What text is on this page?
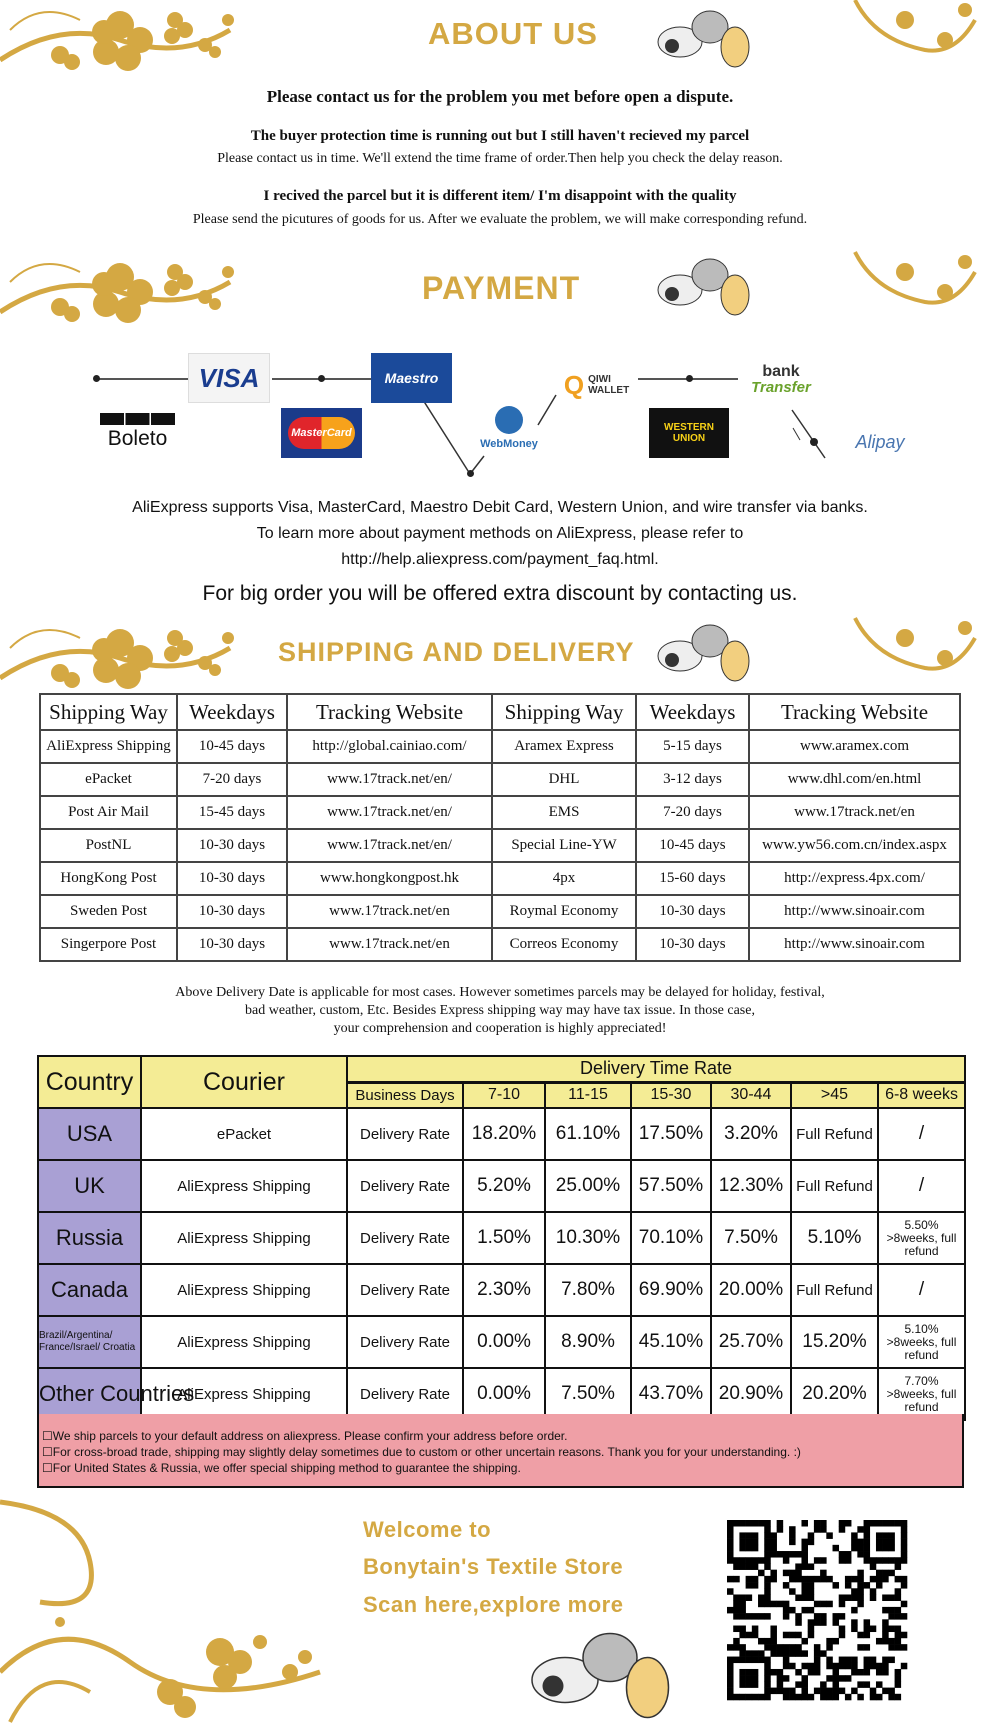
ABOUT US
Please contact us for the problem you met before open a dispute.
The buyer protection time is running out but I still haven't recieved my parcel
Please contact us in time. We'll extend the time frame of order.Then help you check the delay reason.
I recived the parcel but it is different item/ I'm disappoint with the quality
Please send the picutures of goods for us. After we evaluate the problem, we will make corresponding refund.
PAYMENT
VISA	Maestro
MasterCard
Boleto	WebMoney
Q QIWI WALLET
WESTERN UNION
bank
Transfer
Alipay
AliExpress supports Visa, MasterCard, Maestro Debit Card, Western Union, and wire transfer via banks.
To learn more about payment methods on AliExpress, please refer to
http://help.aliexpress.com/payment_faq.html.
For big order you will be offered extra discount by contacting us.
SHIPPING AND DELIVERY
Shipping Way	Weekdays	Tracking Website	Shipping Way	Weekdays	Tracking Website
AliExpress Shipping	10-45 days	http://global.cainiao.com/	Aramex Express	5-15 days	www.aramex.com
ePacket	7-20 days	www.17track.net/en/	DHL	3-12 days	www.dhl.com/en.html
Post Air Mail	15-45 days	www.17track.net/en/	EMS	7-20 days	www.17track.net/en
PostNL	10-30 days	www.17track.net/en/	Special Line-YW	10-45 days	www.yw56.com.cn/index.aspx
HongKong Post	10-30 days	www.hongkongpost.hk	4px	15-60 days	http://express.4px.com/
Sweden Post	10-30 days	www.17track.net/en	Roymal Economy	10-30 days	http://www.sinoair.com
Singerpore Post	10-30 days	www.17track.net/en	Correos Economy	10-30 days	http://www.sinoair.com
Above Delivery Date is applicable for most cases. However sometimes parcels may be delayed for holiday, festival,
bad weather, custom, Etc. Besides Express shipping way may have tax issue. In those case,
your comprehension and cooperation is highly appreciated!
Country	Courier	Delivery Time Rate						
		Business Days	7-10	11-15	15-30	30-44	>45	6-8 weeks
USA	ePacket	Delivery Rate	18.20%	61.10%	17.50%	3.20%	Full Refund	/
UK	AliExpress Shipping	Delivery Rate	5.20%	25.00%	57.50%	12.30%	Full Refund	/
Russia	AliExpress Shipping	Delivery Rate	1.50%	10.30%	70.10%	7.50%	5.10%	5.50% >8weeks, full refund
Canada	AliExpress Shipping	Delivery Rate	2.30%	7.80%	69.90%	20.00%	Full Refund	/
Brazil/Argentina/ France/Israel/ Croatia	AliExpress Shipping	Delivery Rate	0.00%	8.90%	45.10%	25.70%	15.20%	5.10% >8weeks, full refund
Other Countries	AliExpress Shipping	Delivery Rate	0.00%	7.50%	43.70%	20.90%	20.20%	7.70% >8weeks, full refund
☐We ship parcels to your default address on aliexpress. Please confirm your address before order.
☐For cross-broad trade, shipping may slightly delay sometimes due to custom or other uncertain reasons. Thank you for your understanding. :)
☐For United States & Russia, we offer special shipping method to guarantee the shipping.
Welcome to
Bonytain's Textile Store
Scan here,explore more
